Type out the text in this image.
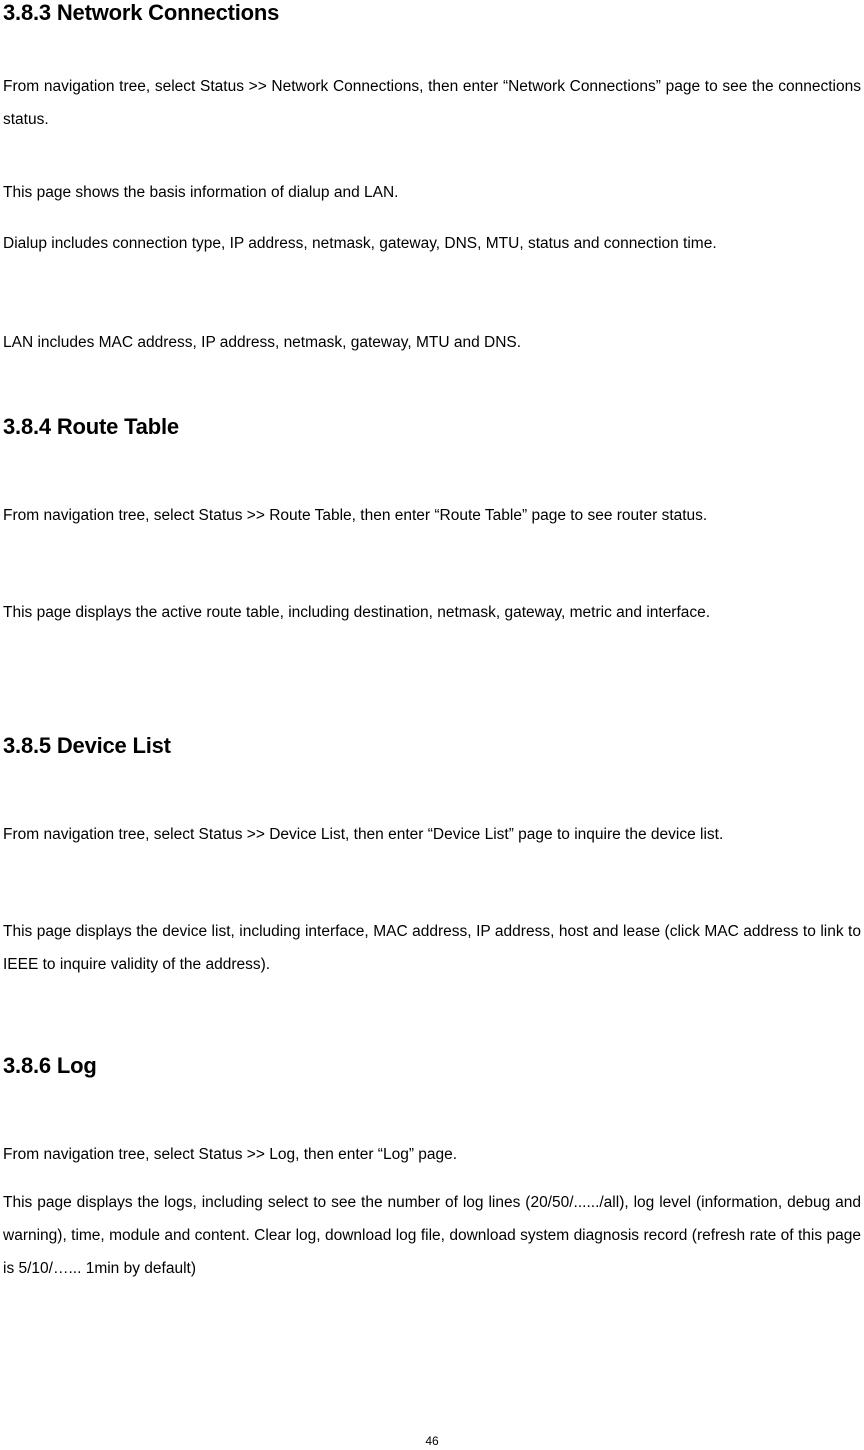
3.8.3 Network Connections

From navigation tree, select Status >> Network Connections, then enter “Network Connections” page to see the connections status.

This page shows the basis information of dialup and LAN.

Dialup includes connection type, IP address, netmask, gateway, DNS, MTU, status and connection time.

LAN includes MAC address, IP address, netmask, gateway, MTU and DNS.

3.8.4 Route Table

From navigation tree, select Status >> Route Table, then enter “Route Table” page to see router status.

This page displays the active route table, including destination, netmask, gateway, metric and interface.

3.8.5 Device List

From navigation tree, select Status >> Device List, then enter “Device List” page to inquire the device list.

This page displays the device list, including interface, MAC address, IP address, host and lease (click MAC address to link to IEEE to inquire validity of the address).

3.8.6 Log

From navigation tree, select Status >> Log, then enter “Log” page.

This page displays the logs, including select to see the number of log lines (20/50/....../all), log level (information, debug and warning), time, module and content. Clear log, download log file, download system diagnosis record (refresh rate of this page is 5/10/…... 1min by default)

46
